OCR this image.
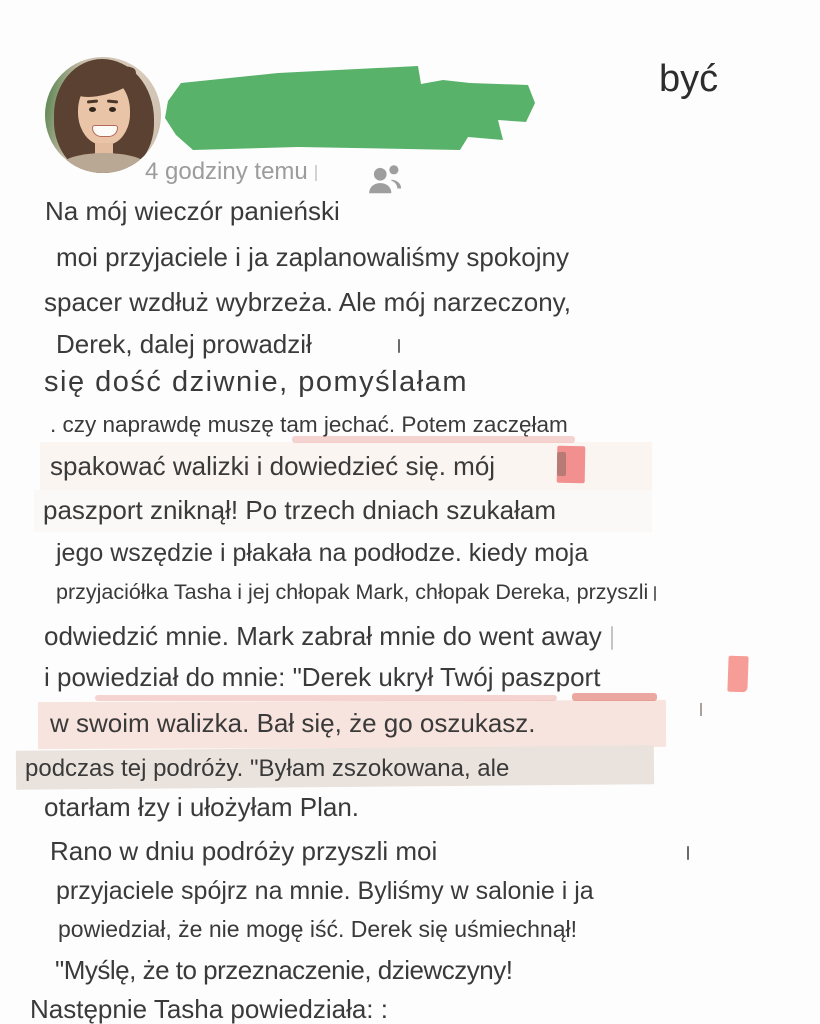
4 godziny temu
być
Na mój wieczór panieński
moi przyjaciele i ja zaplanowaliśmy spokojny
spacer wzdłuż wybrzeża. Ale mój narzeczony,
Derek, dalej prowadził
się dość dziwnie, pomyślałam
. czy naprawdę muszę tam jechać. Potem zaczęłam
spakować walizki i dowiedzieć się. mój
paszport zniknął! Po trzech dniach szukałam
jego wszędzie i płakała na podłodze. kiedy moja
przyjaciółka Tasha i jej chłopak Mark, chłopak Dereka, przyszli
odwiedzić mnie. Mark zabrał mnie do went away
i powiedział do mnie: "Derek ukrył Twój paszport
w swoim walizka. Bał się, że go oszukasz.
podczas tej podróży. "Byłam zszokowana, ale
otarłam łzy i ułożyłam Plan.
Rano w dniu podróży przyszli moi
przyjaciele spójrz na mnie. Byliśmy w salonie i ja
powiedział, że nie mogę iść. Derek się uśmiechnął!
"Myślę, że to przeznaczenie, dziewczyny!
Następnie Tasha powiedziała: :
